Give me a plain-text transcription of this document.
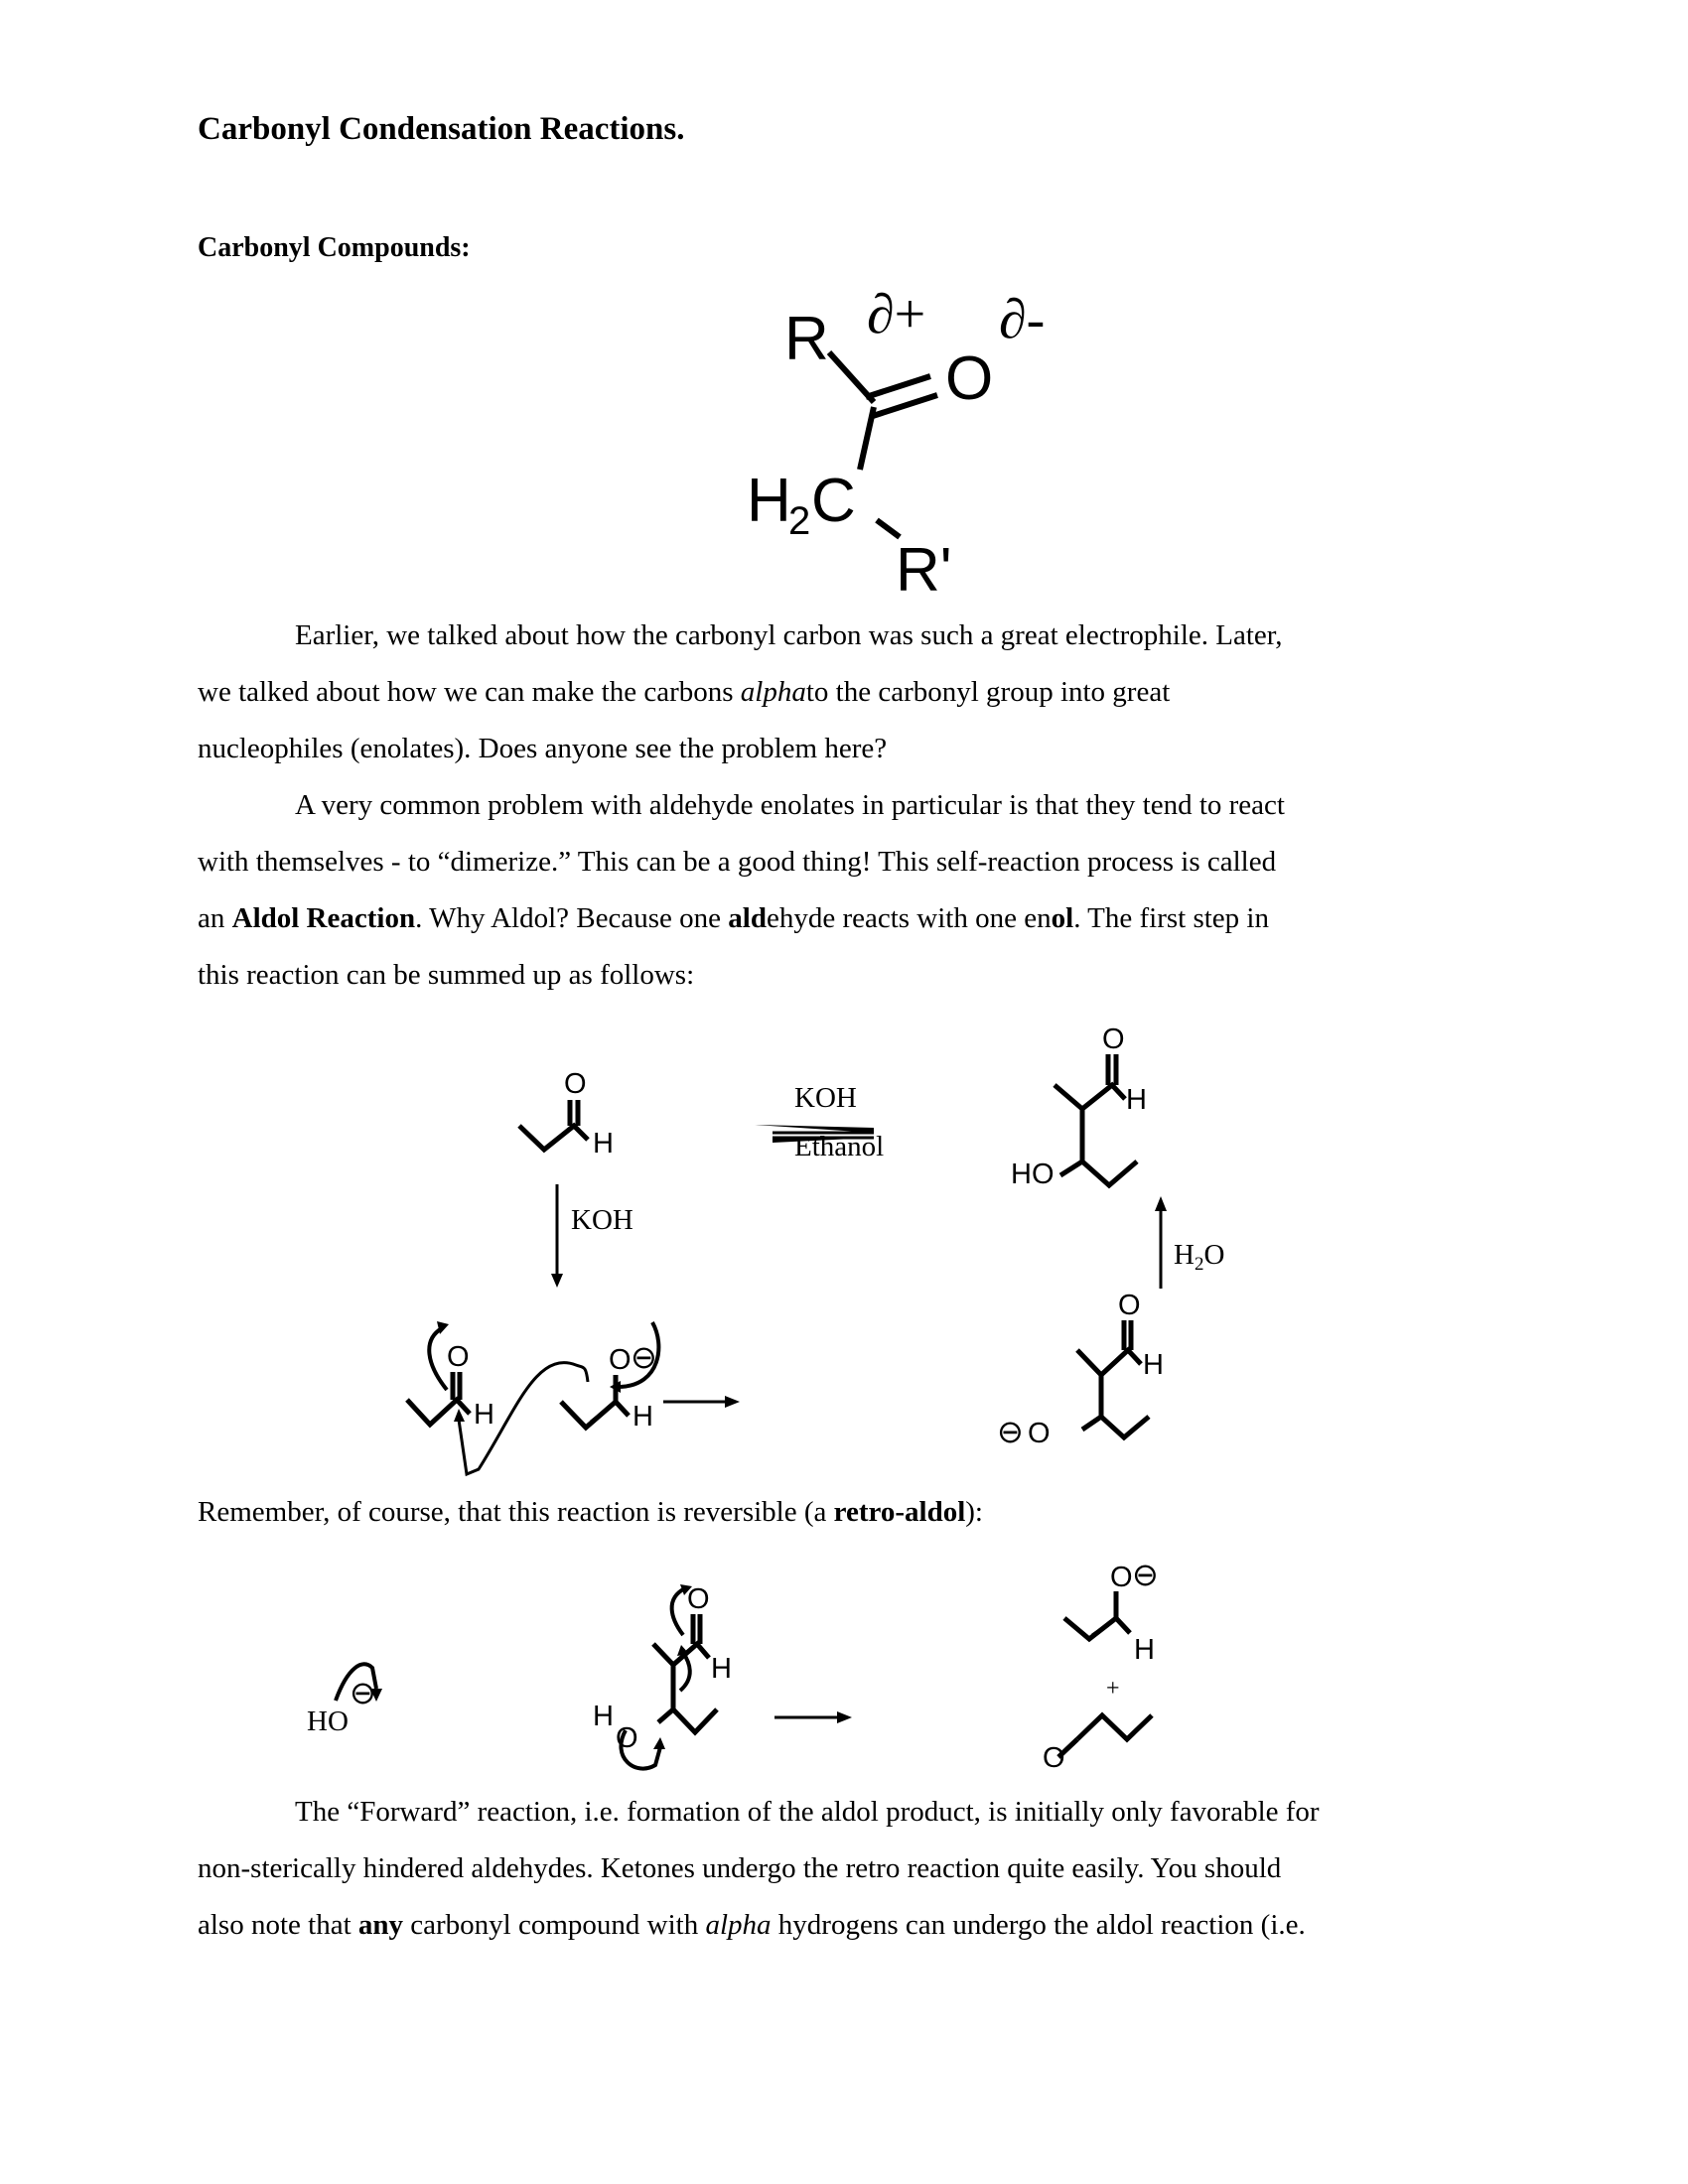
Carbonyl Condensation Reactions.
Carbonyl Compounds:
R ∂+
O
∂-
H
2 C
R'
Earlier, we talked about how the carbonyl carbon was such a great electrophile. Later,
we talked about how we can make the carbons alphato the carbonyl group into great
nucleophiles (enolates). Does anyone see the problem here?
A very common problem with aldehyde enolates in particular is that they tend to react
with themselves - to “dimerize.” This can be a good thing! This self-reaction process is called
an Aldol Reaction. Why Aldol? Because one aldehyde reacts with one enol. The first step in
this reaction can be summed up as follows:
O
H
O
H
HO
O
H
O ⊖
H
O
H
⊖ O
KOH
Ethanol
KOH
$H_2O$
Remember, of course, that this reaction is reversible (a retro-aldol):
O
H
H
O
O ⊖
H
O
⊖
HO
+
The “Forward” reaction, i.e. formation of the aldol product, is initially only favorable for
non-sterically hindered aldehydes. Ketones undergo the retro reaction quite easily. You should
also note that any carbonyl compound with alpha hydrogens can undergo the aldol reaction (i.e.
